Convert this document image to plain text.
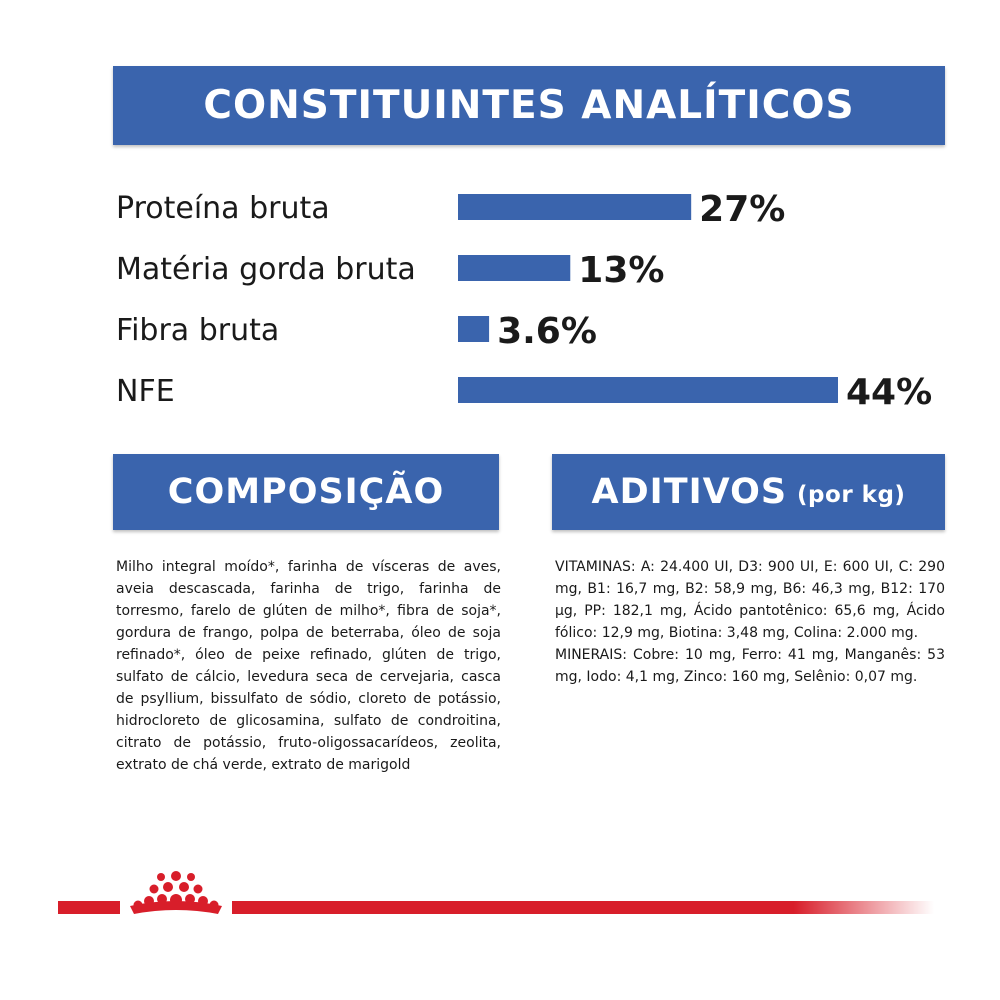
CONSTITUINTES ANALÍTICOS
Proteína bruta	27%
Matéria gorda bruta	13%
Fibra bruta	3.6%
NFE	44%
COMPOSIÇÃO	ADITIVOS (por kg)

Milho integral moído*, farinha de vísceras de aves, aveia descascada, farinha de trigo, farinha de torresmo, farelo de glúten de milho*, fibra de soja*, gordura de frango, polpa de beterraba, óleo de soja refinado*, óleo de peixe refinado, glúten de trigo, sulfato de cálcio, levedura seca de cervejaria, casca de psyllium, bissulfato de sódio, cloreto de potássio, hidrocloreto de glicosamina, sulfato de condroitina, citrato de potássio, fruto-oligossacarídeos, zeolita, extrato de chá verde, extrato de marigold

VITAMINAS: A: 24.400 UI, D3: 900 UI, E: 600 UI, C: 290 mg, B1: 16,7 mg, B2: 58,9 mg, B6: 46,3 mg, B12: 170 µg, PP: 182,1 mg, Ácido pantotênico: 65,6 mg, Ácido fólico: 12,9 mg, Biotina: 3,48 mg, Colina: 2.000 mg.

MINERAIS: Cobre: 10 mg, Ferro: 41 mg, Manganês: 53 mg, Iodo: 4,1 mg, Zinco: 160 mg, Selênio: 0,07 mg.
